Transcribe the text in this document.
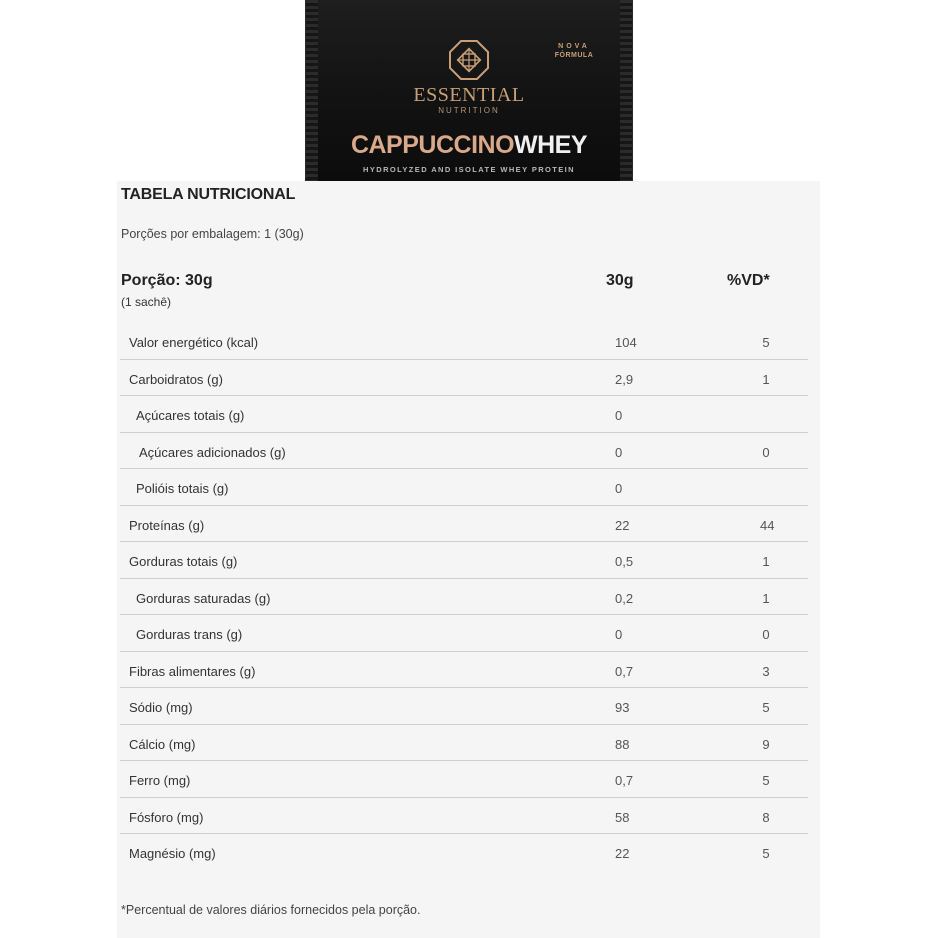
NOVA
FÓRMULA
ESSENTIAL
NUTRITION
CAPPUCCINOWHEY
HYDROLYZED AND ISOLATE WHEY PROTEIN
TABELA NUTRICIONAL
Porções por embalagem: 1 (30g)
Porção: 30g
(1 sachê)
30g	%VD*
Valor energético (kcal)	104	5
Carboidratos (g)	2,9	1
Açúcares totais (g)	0
Açúcares adicionados (g)	0	0
Polióis totais (g)	0
Proteínas (g)	22	44
Gorduras totais (g)	0,5	1
Gorduras saturadas (g)	0,2	1
Gorduras trans (g)	0	0
Fibras alimentares (g)	0,7	3
Sódio (mg)	93	5
Cálcio (mg)	88	9
Ferro (mg)	0,7	5
Fósforo (mg)	58	8
Magnésio (mg)	22	5
*Percentual de valores diários fornecidos pela porção.
